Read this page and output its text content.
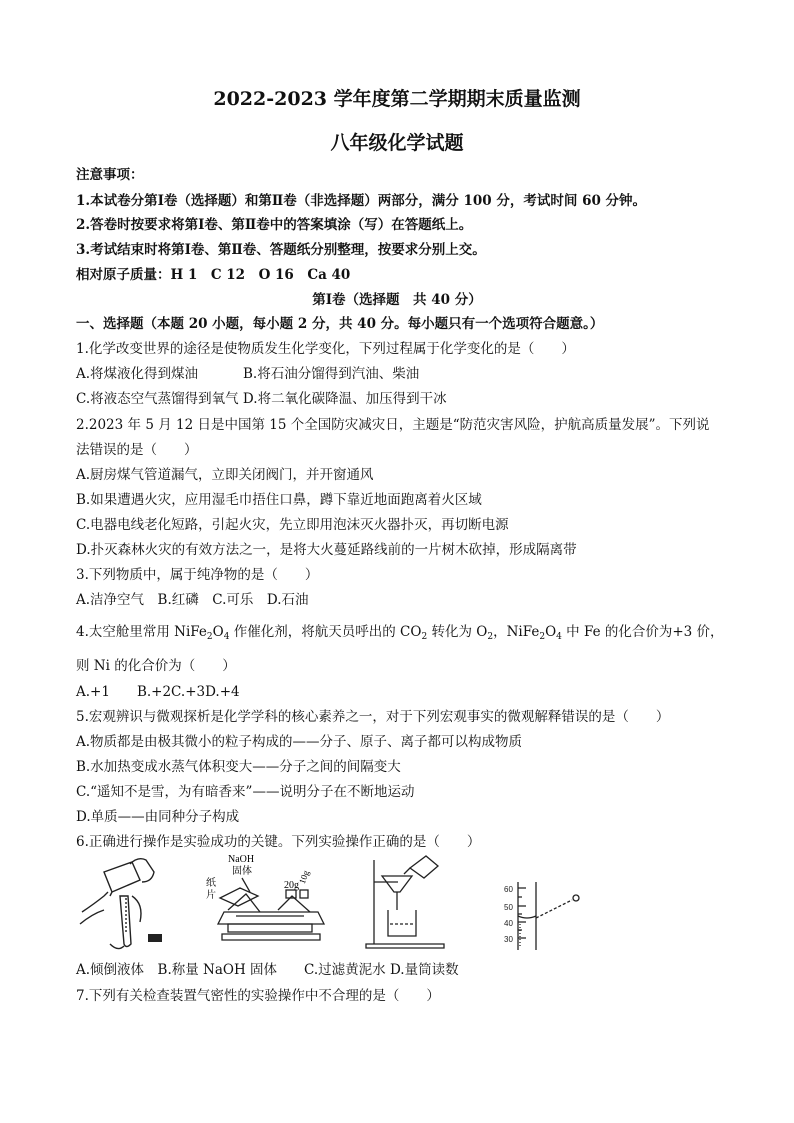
2022-2023 学年度第二学期期末质量监测
八年级化学试题
注意事项：
1.本试卷分第Ⅰ卷（选择题）和第Ⅱ卷（非选择题）两部分，满分 100 分，考试时间 60 分钟。
2.答卷时按要求将第Ⅰ卷、第Ⅱ卷中的答案填涂（写）在答题纸上。
3.考试结束时将第Ⅰ卷、第Ⅱ卷、答题纸分别整理，按要求分别上交。
相对原子质量：H 1　C 12　O 16　Ca 40
第Ⅰ卷（选择题　共 40 分）
一、选择题（本题 20 小题，每小题 2 分，共 40 分。每小题只有一个选项符合题意。）
1.化学改变世界的途径是使物质发生化学变化，下列过程属于化学变化的是（　　）
A.将煤液化得到煤油	B.将石油分馏得到汽油、柴油
C.将液态空气蒸馏得到氧气 D.将二氧化碳降温、加压得到干冰
2.2023 年 5 月 12 日是中国第 15 个全国防灾减灾日，主题是“防范灾害风险，护航高质量发展”。下列说
法错误的是（　　）
A.厨房煤气管道漏气，立即关闭阀门，并开窗通风
B.如果遭遇火灾，应用湿毛巾捂住口鼻，蹲下靠近地面跑离着火区域
C.电器电线老化短路，引起火灾，先立即用泡沫灭火器扑灭，再切断电源
D.扑灭森林火灾的有效方法之一，是将大火蔓延路线前的一片树木砍掉，形成隔离带
3.下列物质中，属于纯净物的是（　　）
A.洁净空气　B.红磷　C.可乐　D.石油
4.太空舱里常用 $NiFe_2O_4$ 作催化剂，将航天员呼出的 $CO_2$ 转化为 $O_2$，$NiFe_2O_4$ 中 Fe 的化合价为+3 价，
则 Ni 的化合价为（　　）
A.+1　　B.+2C.+3D.+4
5.宏观辨识与微观探析是化学学科的核心素养之一，对于下列宏观事实的微观解释错误的是（　　）
A.物质都是由极其微小的粒子构成的——分子、原子、离子都可以构成物质
B.水加热变成水蒸气体积变大——分子之间的间隔变大
C.“遥知不是雪，为有暗香来”——说明分子在不断地运动
D.单质——由同种分子构成
6.正确进行操作是实验成功的关键。下列实验操作正确的是（　　）
NaOH
固体
纸
片
20g
10g
60
50
40
30
A.倾倒液体　B.称量 NaOH 固体　　C.过滤黄泥水 D.量筒读数
7.下列有关检查装置气密性的实验操作中不合理的是（　　）
